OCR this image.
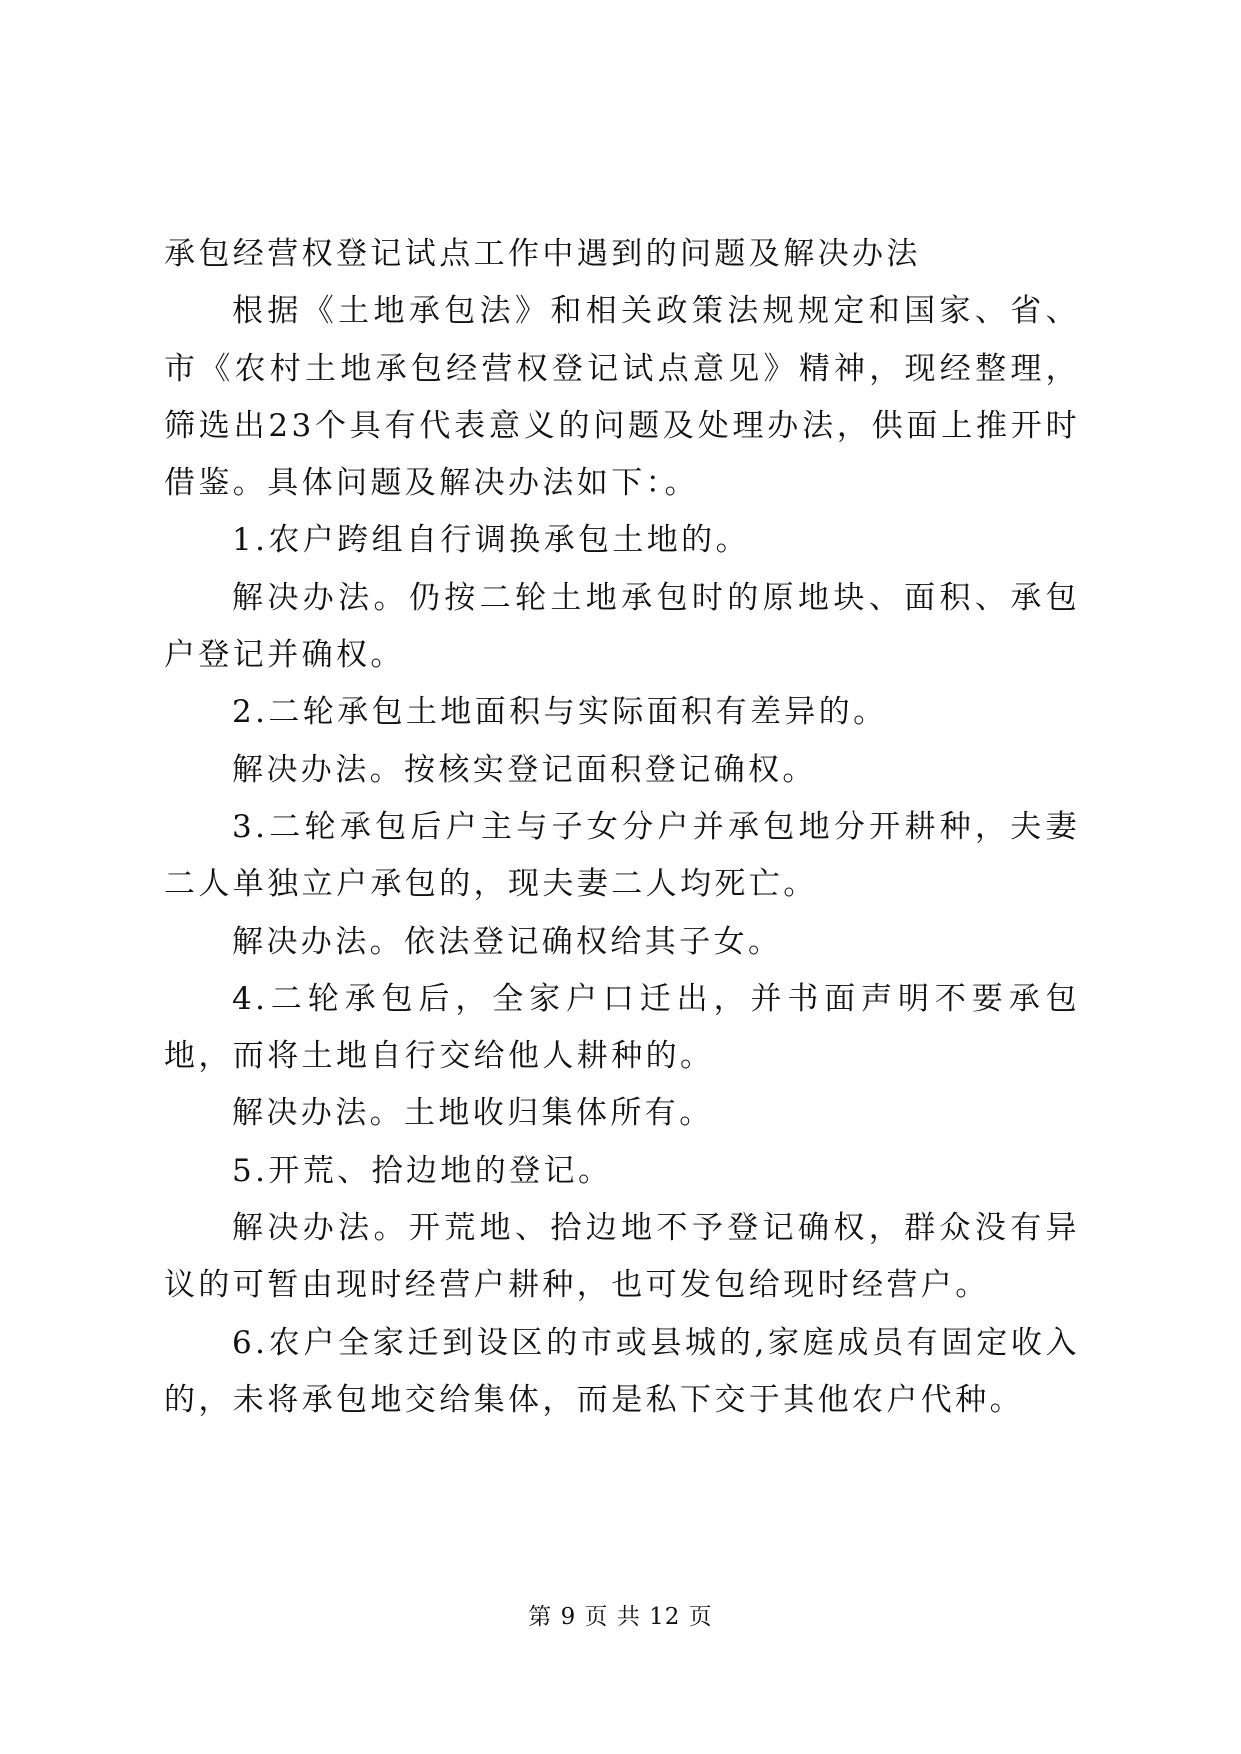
承包经营权登记试点工作中遇到的问题及解决办法

根据《土地承包法》和相关政策法规规定和国家、省、市《农村土地承包经营权登记试点意见》精神，现经整理，筛选出23个具有代表意义的问题及处理办法，供面上推开时借鉴。具体问题及解决办法如下：。

1.农户跨组自行调换承包土地的。

解决办法。仍按二轮土地承包时的原地块、面积、承包户登记并确权。

2.二轮承包土地面积与实际面积有差异的。

解决办法。按核实登记面积登记确权。

3.二轮承包后户主与子女分户并承包地分开耕种，夫妻二人单独立户承包的，现夫妻二人均死亡。

解决办法。依法登记确权给其子女。

4.二轮承包后，全家户口迁出，并书面声明不要承包地，而将土地自行交给他人耕种的。

解决办法。土地收归集体所有。

5.开荒、拾边地的登记。

解决办法。开荒地、拾边地不予登记确权，群众没有异议的可暂由现时经营户耕种，也可发包给现时经营户。

6.农户全家迁到设区的市或县城的,家庭成员有固定收入的，未将承包地交给集体，而是私下交于其他农户代种。

第 9 页 共 12 页
